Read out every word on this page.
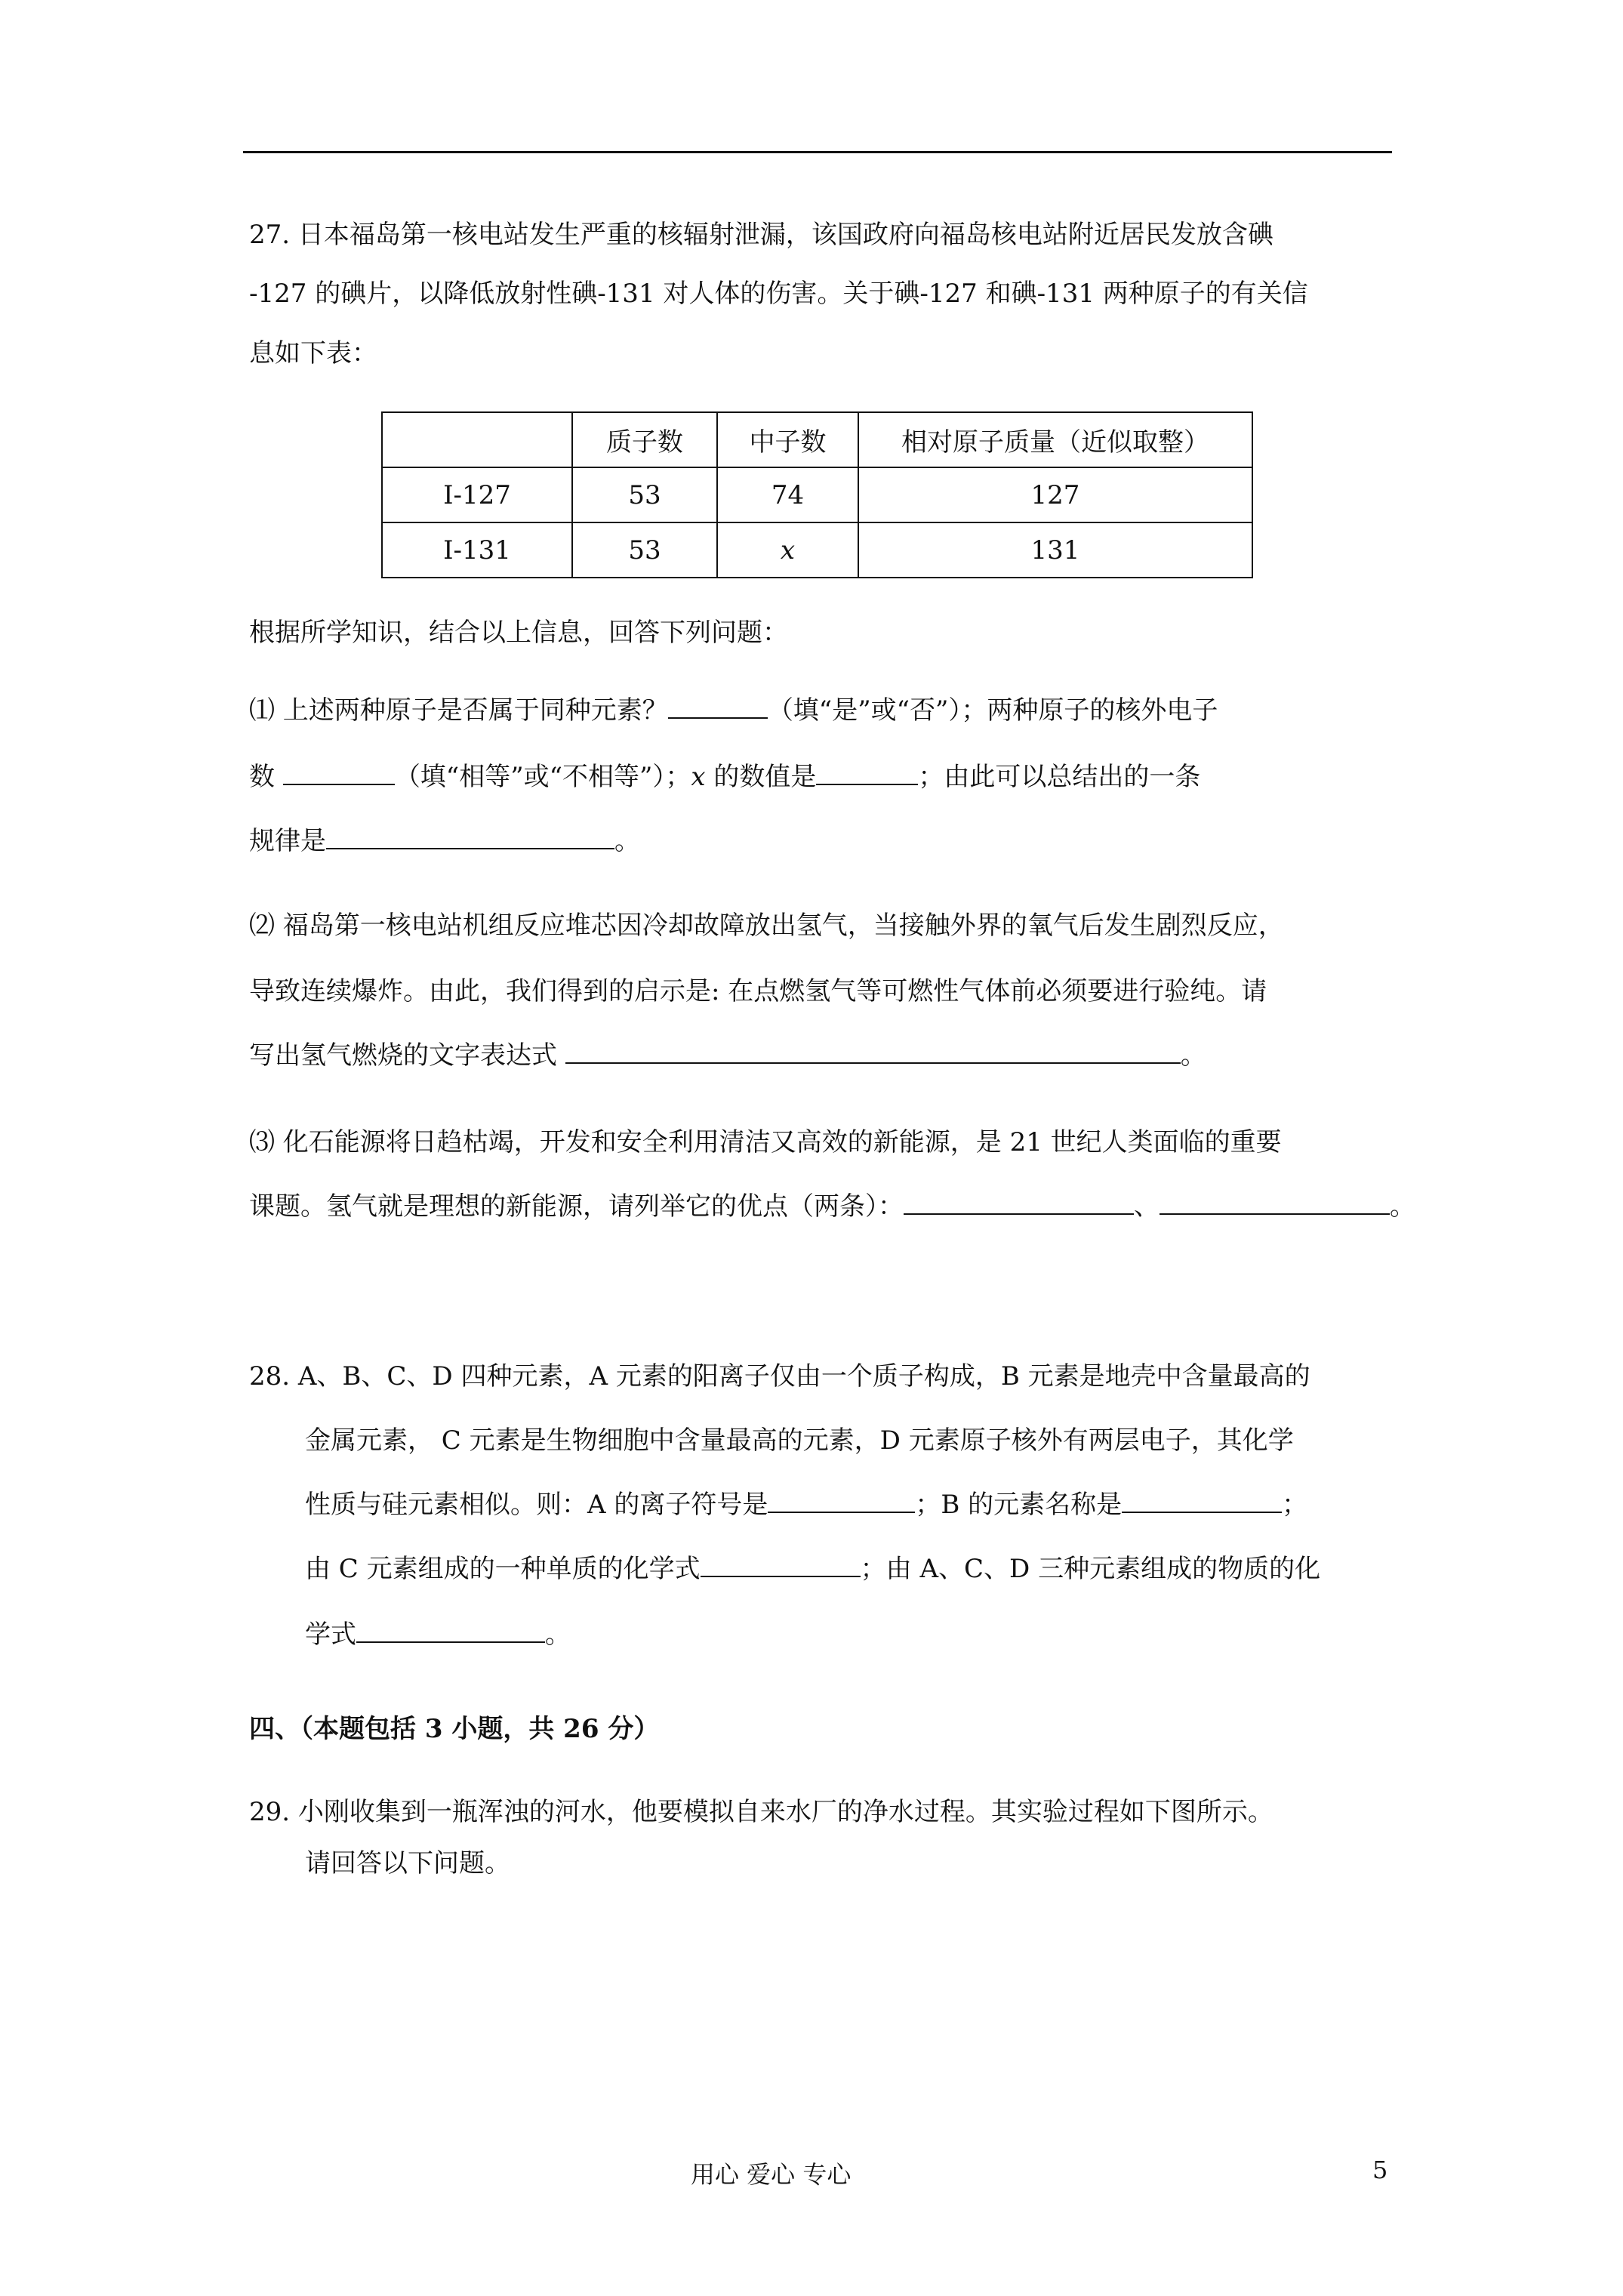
27. 日本福岛第一核电站发生严重的核辐射泄漏，该国政府向福岛核电站附近居民发放含碘
-127 的碘片，以降低放射性碘-131 对人体的伤害。关于碘-127 和碘-131 两种原子的有关信
息如下表：
	质子数	中子数	相对原子质量（近似取整）
I-127	53	74	127
I-131	53	x	131
根据所学知识，结合以上信息，回答下列问题：
⑴ 上述两种原子是否属于同种元素？	（填“是”或“否”）；两种原子的核外电子
数	（填“相等”或“不相等”）；x 的数值是	；由此可以总结出的一条
规律是	。
⑵ 福岛第一核电站机组反应堆芯因冷却故障放出氢气，当接触外界的氧气后发生剧烈反应，
导致连续爆炸。由此，我们得到的启示是: 在点燃氢气等可燃性气体前必须要进行验纯。请
写出氢气燃烧的文字表达式	。
⑶ 化石能源将日趋枯竭，开发和安全利用清洁又高效的新能源，是 21 世纪人类面临的重要
课题。氢气就是理想的新能源，请列举它的优点（两条）：	、	。
28. A、B、C、D 四种元素，A 元素的阳离子仅由一个质子构成，B 元素是地壳中含量最高的
金属元素， C 元素是生物细胞中含量最高的元素，D 元素原子核外有两层电子，其化学
性质与硅元素相似。则：A 的离子符号是	；B 的元素名称是	；
由 C 元素组成的一种单质的化学式	；由 A、C、D 三种元素组成的物质的化
学式	。
四、（本题包括 3 小题，共 26 分）
29. 小刚收集到一瓶浑浊的河水，他要模拟自来水厂的净水过程。其实验过程如下图所示。
请回答以下问题。
用心 爱心 专心	5
